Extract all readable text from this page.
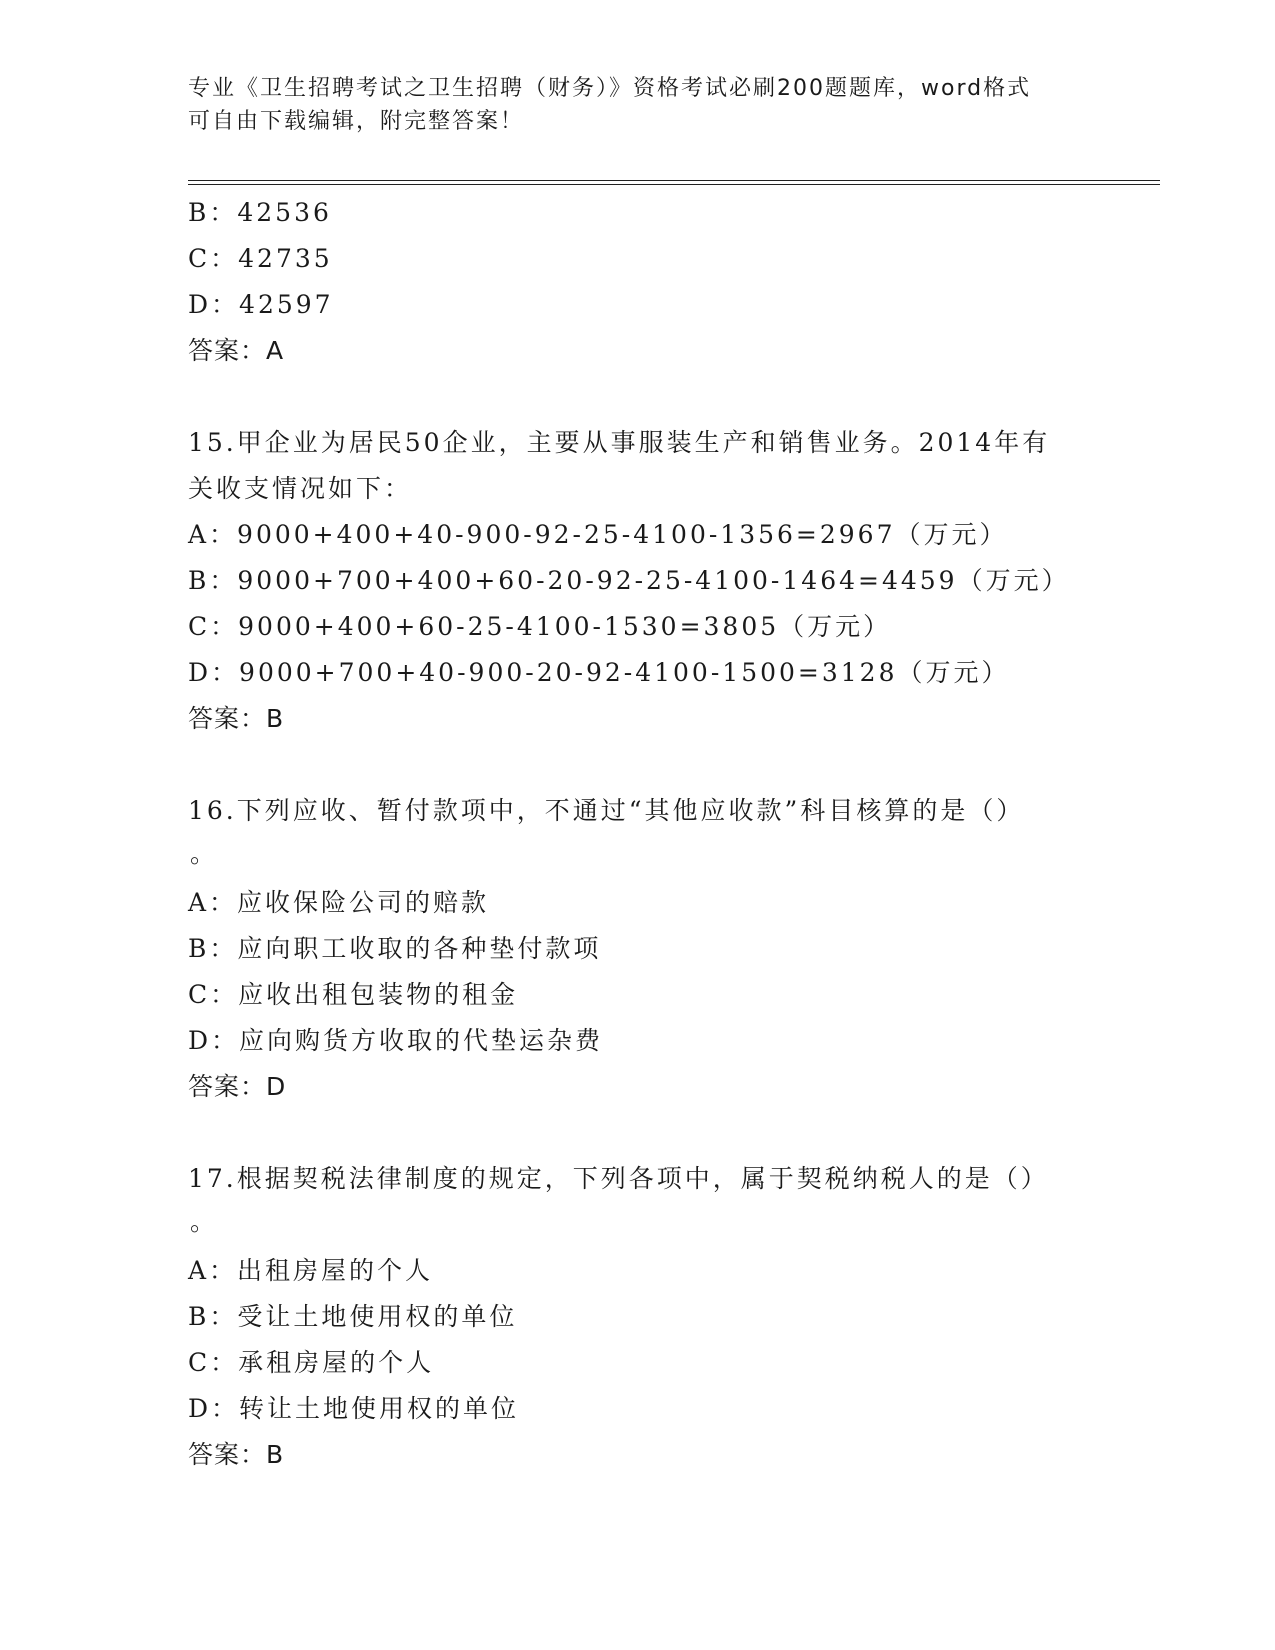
专业《卫生招聘考试之卫生招聘（财务）》资格考试必刷200题题库，word格式
可自由下载编辑，附完整答案！
B：42536
C：42735
D：42597
答案：A
15.甲企业为居民50企业，主要从事服装生产和销售业务。2014年有
关收支情况如下：
A：9000+400+40-900-92-25-4100-1356=2967（万元）
B：9000+700+400+60-20-92-25-4100-1464=4459（万元）
C：9000+400+60-25-4100-1530=3805（万元）
D：9000+700+40-900-20-92-4100-1500=3128（万元）
答案：B
16.下列应收、暂付款项中，不通过“其他应收款”科目核算的是（）
。
A：应收保险公司的赔款
B：应向职工收取的各种垫付款项
C：应收出租包装物的租金
D：应向购货方收取的代垫运杂费
答案：D
17.根据契税法律制度的规定，下列各项中，属于契税纳税人的是（）
。
A：出租房屋的个人
B：受让土地使用权的单位
C：承租房屋的个人
D：转让土地使用权的单位
答案：B
